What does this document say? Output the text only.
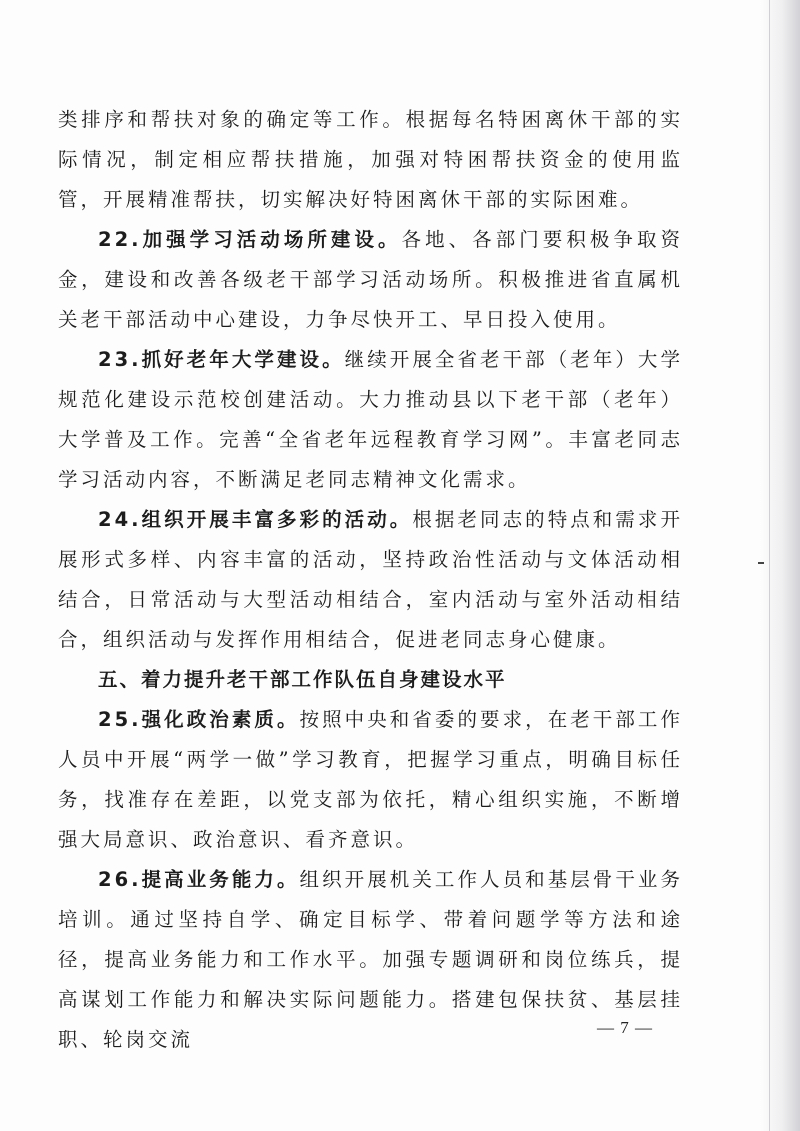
类排序和帮扶对象的确定等工作。根据每名特困离休干部的实际情况，制定相应帮扶措施，加强对特困帮扶资金的使用监管，开展精准帮扶，切实解决好特困离休干部的实际困难。

22.加强学习活动场所建设。各地、各部门要积极争取资金，建设和改善各级老干部学习活动场所。积极推进省直属机关老干部活动中心建设，力争尽快开工、早日投入使用。

23.抓好老年大学建设。继续开展全省老干部（老年）大学规范化建设示范校创建活动。大力推动县以下老干部（老年）大学普及工作。完善“全省老年远程教育学习网”。丰富老同志学习活动内容，不断满足老同志精神文化需求。

24.组织开展丰富多彩的活动。根据老同志的特点和需求开展形式多样、内容丰富的活动，坚持政治性活动与文体活动相结合，日常活动与大型活动相结合，室内活动与室外活动相结合，组织活动与发挥作用相结合，促进老同志身心健康。

五、着力提升老干部工作队伍自身建设水平

25.强化政治素质。按照中央和省委的要求，在老干部工作人员中开展“两学一做”学习教育，把握学习重点，明确目标任务，找准存在差距，以党支部为依托，精心组织实施，不断增强大局意识、政治意识、看齐意识。

26.提高业务能力。组织开展机关工作人员和基层骨干业务培训。通过坚持自学、确定目标学、带着问题学等方法和途径，提高业务能力和工作水平。加强专题调研和岗位练兵，提高谋划工作能力和解决实际问题能力。搭建包保扶贫、基层挂职、轮岗交流

— 7 —
